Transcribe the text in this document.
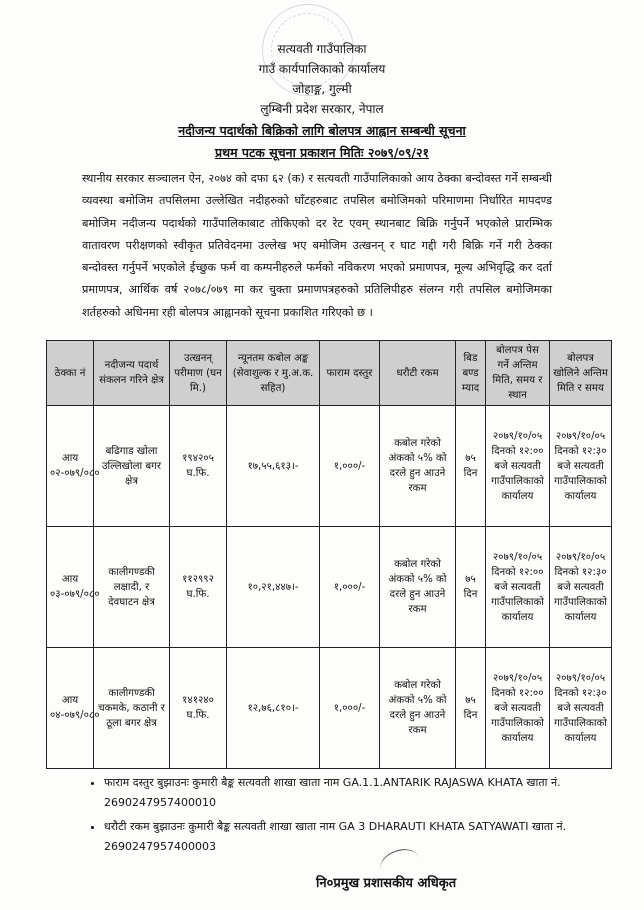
सत्यवती गाउँपालिका
गाउँ कार्यपालिकाको कार्यालय
जोहाङ्ग, गुल्मी
लुम्बिनी प्रदेश सरकार, नेपाल
नदीजन्य पदार्थको बिक्रिको लागि बोलपत्र आह्वान सम्बन्धी सूचना
प्रथम पटक सूचना प्रकाशन मितिः २०७९/०९/२१
स्थानीय सरकार सञ्चालन ऐन, २०७४ को दफा ६२ (क) र सत्यवती गाउँपालिकाको आय ठेक्का बन्दोवस्त गर्ने सम्बन्धी व्यवस्था बमोजिम तपसिलमा उल्लेखित नदीहरुको घाँटहरुबाट तपसिल बमोजिमको परिमाणमा निर्धारित मापदण्ड बमोजिम नदीजन्य पदार्थको गाउँपालिकाबाट तोकिएको दर रेट एवम् स्थानबाट बिक्रि गर्नुपर्ने भएकोले प्रारम्भिक वातावरण परीक्षणको स्वीकृत प्रतिवेदनमा उल्लेख भए बमोजिम उत्खनन् र घाट गद्दी गरी बिक्रि गर्ने गरी ठेक्का बन्दोवस्त गर्नुपर्ने भएकोले ईच्छुक फर्म वा कम्पनीहरुले फर्मको नविकरण भएको प्रमाणपत्र, मूल्य अभिवृद्धि कर दर्ता प्रमाणपत्र, आर्थिक वर्ष २०७८/०७९ मा कर चुक्ता प्रमाणपत्रहरुको प्रतिलिपीहरु संलग्न गरी तपसिल बमोजिमका शर्तहरुको अधिनमा रही बोलपत्र आह्वानको सूचना प्रकाशित गरिएको छ ।
ठेक्का नं	नदीजन्य पदार्थ संकलन गरिने क्षेत्र	उत्खनन् परीमाण (घन मि.)	न्यूनतम कबोल अङ्क (सेवाशुल्क र मु.अ.क. सहित)	फाराम दस्तुर	धरौटी रकम	बिड बण्ड म्याद	बोलपत्र पेस गर्ने अन्तिम मिति, समय र स्थान	बोलपत्र खोलिने अन्तिम मिति र समय
आय ०२-०७९/०८०	बढिगाड खोला उल्लिखोला बगर क्षेत्र	१९४२०५ घ.फि.	१७,५५,६१३।-	१,०००/-	कबोल गरेको अंकको ५% को दरले हुन आउने रकम	७५ दिन	२०७९/१०/०५ दिनको १२:०० बजे सत्यवती गाउँपालिकाको कार्यालय	२०७९/१०/०५ दिनको १२:३० बजे सत्यवती गाउँपालिकाको कार्यालय
आय ०३-०७९/०८०	कालीगण्डकी लक्षादी, र देवघाटन क्षेत्र	११२९९२ घ.फि.	१०,२१,४४७।-	१,०००/-	कबोल गरेको अंकको ५% को दरले हुन आउने रकम	७५ दिन	२०७९/१०/०५ दिनको १२:०० बजे सत्यवती गाउँपालिकाको कार्यालय	२०७९/१०/०५ दिनको १२:३० बजे सत्यवती गाउँपालिकाको कार्यालय
आय ०४-०७९/०८०	कालीगण्डकी चकमके, कठानी र ठूला बगर क्षेत्र	१४१२४० घ.फि.	१२,७६,८१०।-	१,०००/-	कबोल गरेको अंकको ५% को दरले हुन आउने रकम	७५ दिन	२०७९/१०/०५ दिनको १२:०० बजे सत्यवती गाउँपालिकाको कार्यालय	२०७९/१०/०५ दिनको १२:३० बजे सत्यवती गाउँपालिकाको कार्यालय
• फाराम दस्तुर बुझाउनः कुमारी बैङ्क सत्यवती शाखा खाता नाम GA.1.1.ANTARIK RAJASWA KHATA खाता नं. 2690247957400010
• धरौटी रकम बुझाउनः कुमारी बैङ्क सत्यवती शाखा खाता नाम GA 3 DHARAUTI KHATA SATYAWATI खाता नं. 2690247957400003
नि०प्रमुख प्रशासकीय अधिकृत
